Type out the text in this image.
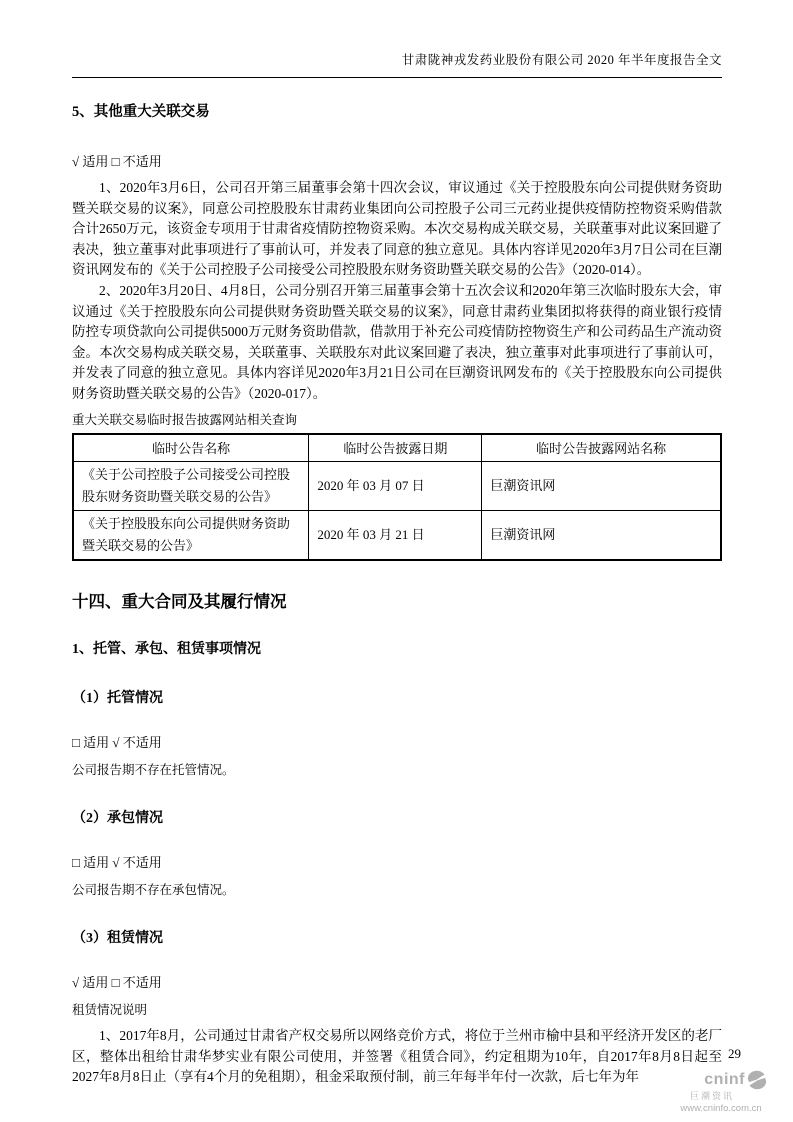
甘肃陇神戎发药业股份有限公司 2020 年半年度报告全文
5、其他重大关联交易
√ 适用 □ 不适用

1、2020年3月6日，公司召开第三届董事会第十四次会议，审议通过《关于控股股东向公司提供财务资助暨关联交易的议案》，同意公司控股股东甘肃药业集团向公司控股子公司三元药业提供疫情防控物资采购借款合计2650万元，该资金专项用于甘肃省疫情防控物资采购。本次交易构成关联交易，关联董事对此议案回避了表决，独立董事对此事项进行了事前认可，并发表了同意的独立意见。具体内容详见2020年3月7日公司在巨潮资讯网发布的《关于公司控股子公司接受公司控股股东财务资助暨关联交易的公告》（2020-014）。

2、2020年3月20日、4月8日，公司分别召开第三届董事会第十五次会议和2020年第三次临时股东大会，审议通过《关于控股股东向公司提供财务资助暨关联交易的议案》，同意甘肃药业集团拟将获得的商业银行疫情防控专项贷款向公司提供5000万元财务资助借款，借款用于补充公司疫情防控物资生产和公司药品生产流动资金。本次交易构成关联交易，关联董事、关联股东对此议案回避了表决，独立董事对此事项进行了事前认可，并发表了同意的独立意见。具体内容详见2020年3月21日公司在巨潮资讯网发布的《关于控股股东向公司提供财务资助暨关联交易的公告》（2020-017）。

重大关联交易临时报告披露网站相关查询
临时公告名称	临时公告披露日期	临时公告披露网站名称
《关于公司控股子公司接受公司控股股东财务资助暨关联交易的公告》	2020 年 03 月 07 日	巨潮资讯网
《关于控股股东向公司提供财务资助暨关联交易的公告》	2020 年 03 月 21 日	巨潮资讯网
十四、重大合同及其履行情况
1、托管、承包、租赁事项情况
（1）托管情况
□ 适用 √ 不适用
公司报告期不存在托管情况。
（2）承包情况
□ 适用 √ 不适用
公司报告期不存在承包情况。
（3）租赁情况
√ 适用 □ 不适用
租赁情况说明

1、2017年8月，公司通过甘肃省产权交易所以网络竞价方式，将位于兰州市榆中县和平经济开发区的老厂区，整体出租给甘肃华梦实业有限公司使用，并签署《租赁合同》，约定租期为10年，自2017年8月8日起至2027年8月8日止（享有4个月的免租期），租金采取预付制，前三年每半年付一次款，后七年为年

29
cninf
巨潮资讯
www.cninfo.com.cn
